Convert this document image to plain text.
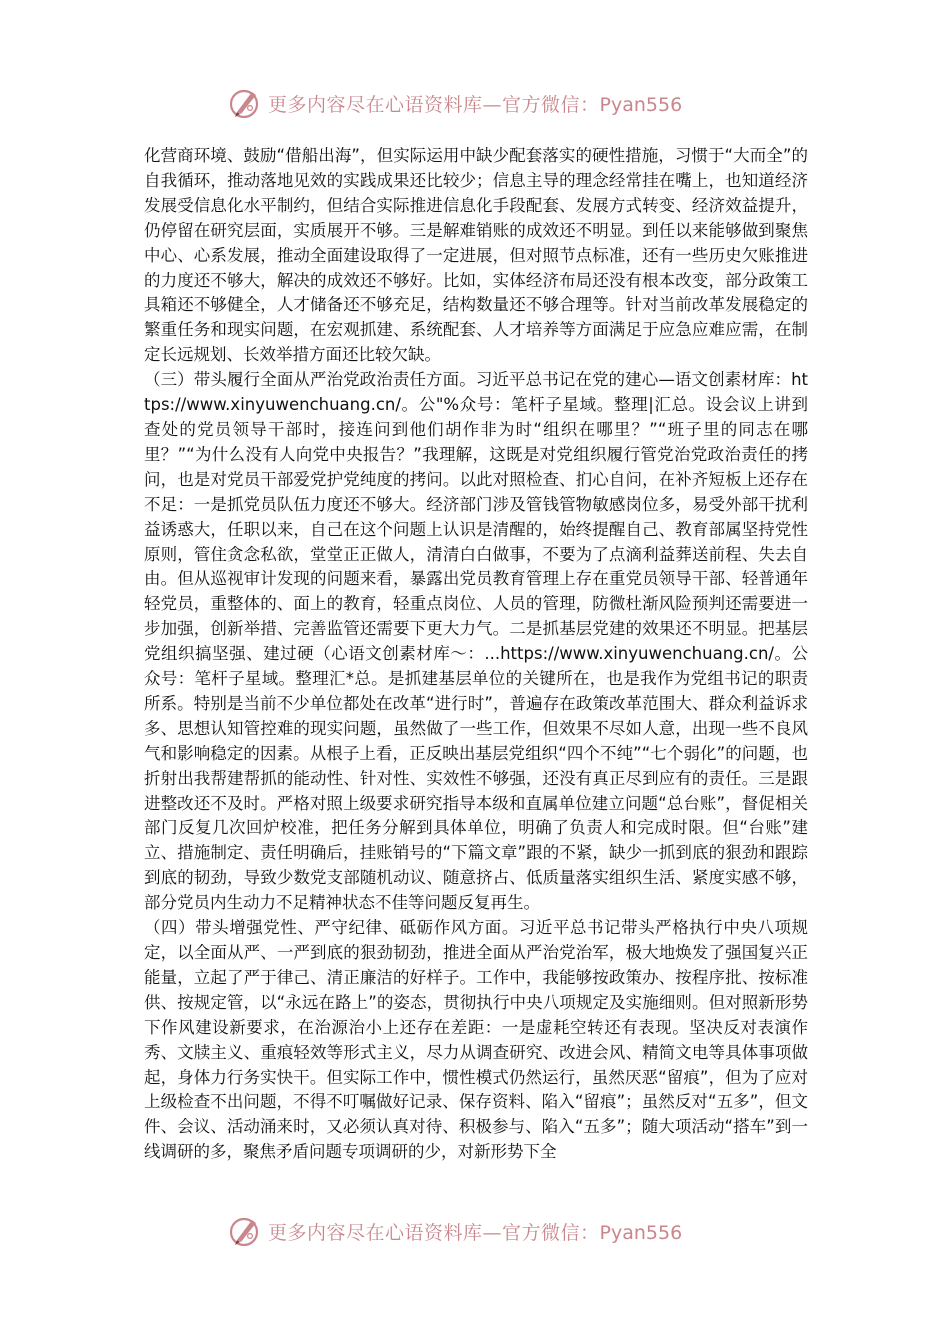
更多内容尽在心语资料库—官方微信：Pyan556

化营商环境、鼓励“借船出海”，但实际运用中缺少配套落实的硬性措施，习惯于“大而全”的自我循环，推动落地见效的实践成果还比较少；信息主导的理念经常挂在嘴上，也知道经济发展受信息化水平制约，但结合实际推进信息化手段配套、发展方式转变、经济效益提升，仍停留在研究层面，实质展开不够。三是解难销账的成效还不明显。到任以来能够做到聚焦中心、心系发展，推动全面建设取得了一定进展，但对照节点标准，还有一些历史欠账推进的力度还不够大，解决的成效还不够好。比如，实体经济布局还没有根本改变，部分政策工具箱还不够健全，人才储备还不够充足，结构数量还不够合理等。针对当前改革发展稳定的繁重任务和现实问题，在宏观抓建、系统配套、人才培养等方面满足于应急应难应需，在制定长远规划、长效举措方面还比较欠缺。

（三）带头履行全面从严治党政治责任方面。习近平总书记在党的建心—语文创素材库：https://www.xinyuwenchuang.cn/。公"%众号：笔杆子星域。整理|汇总。设会议上讲到查处的党员领导干部时，接连问到他们胡作非为时“组织在哪里？”“班子里的同志在哪里？”“为什么没有人向党中央报告？”我理解，这既是对党组织履行管党治党政治责任的拷问，也是对党员干部爱党护党纯度的拷问。以此对照检查、扪心自问，在补齐短板上还存在不足：一是抓党员队伍力度还不够大。经济部门涉及管钱管物敏感岗位多，易受外部干扰利益诱惑大，任职以来，自己在这个问题上认识是清醒的，始终提醒自己、教育部属坚持党性原则，管住贪念私欲，堂堂正正做人，清清白白做事，不要为了点滴利益葬送前程、失去自由。但从巡视审计发现的问题来看，暴露出党员教育管理上存在重党员领导干部、轻普通年轻党员，重整体的、面上的教育，轻重点岗位、人员的管理，防微杜渐风险预判还需要进一步加强，创新举措、完善监管还需要下更大力气。二是抓基层党建的效果还不明显。把基层党组织搞坚强、建过硬（心语文创素材库～：...https://www.xinyuwenchuang.cn/。公众号：笔杆子星域。整理汇*总。是抓建基层单位的关键所在，也是我作为党组书记的职责所系。特别是当前不少单位都处在改革“进行时”，普遍存在政策改革范围大、群众利益诉求多、思想认知管控难的现实问题，虽然做了一些工作，但效果不尽如人意，出现一些不良风气和影响稳定的因素。从根子上看，正反映出基层党组织“四个不纯”“七个弱化”的问题，也折射出我帮建帮抓的能动性、针对性、实效性不够强，还没有真正尽到应有的责任。三是跟进整改还不及时。严格对照上级要求研究指导本级和直属单位建立问题“总台账”，督促相关部门反复几次回炉校准，把任务分解到具体单位，明确了负责人和完成时限。但“台账”建立、措施制定、责任明确后，挂账销号的“下篇文章”跟的不紧，缺少一抓到底的狠劲和跟踪到底的韧劲，导致少数党支部随机动议、随意挤占、低质量落实组织生活、紧度实感不够，部分党员内生动力不足精神状态不佳等问题反复再生。

（四）带头增强党性、严守纪律、砥砺作风方面。习近平总书记带头严格执行中央八项规定，以全面从严、一严到底的狠劲韧劲，推进全面从严治党治军，极大地焕发了强国复兴正能量，立起了严于律己、清正廉洁的好样子。工作中，我能够按政策办、按程序批、按标准供、按规定管，以“永远在路上”的姿态，贯彻执行中央八项规定及实施细则。但对照新形势下作风建设新要求，在治源治小上还存在差距：一是虚耗空转还有表现。坚决反对表演作秀、文牍主义、重痕轻效等形式主义，尽力从调查研究、改进会风、精简文电等具体事项做起，身体力行务实快干。但实际工作中，惯性模式仍然运行，虽然厌恶“留痕”，但为了应对上级检查不出问题，不得不叮嘱做好记录、保存资料、陷入“留痕”；虽然反对“五多”，但文件、会议、活动涌来时，又必须认真对待、积极参与、陷入“五多”；随大项活动“搭车”到一线调研的多，聚焦矛盾问题专项调研的少，对新形势下全

更多内容尽在心语资料库—官方微信：Pyan556
